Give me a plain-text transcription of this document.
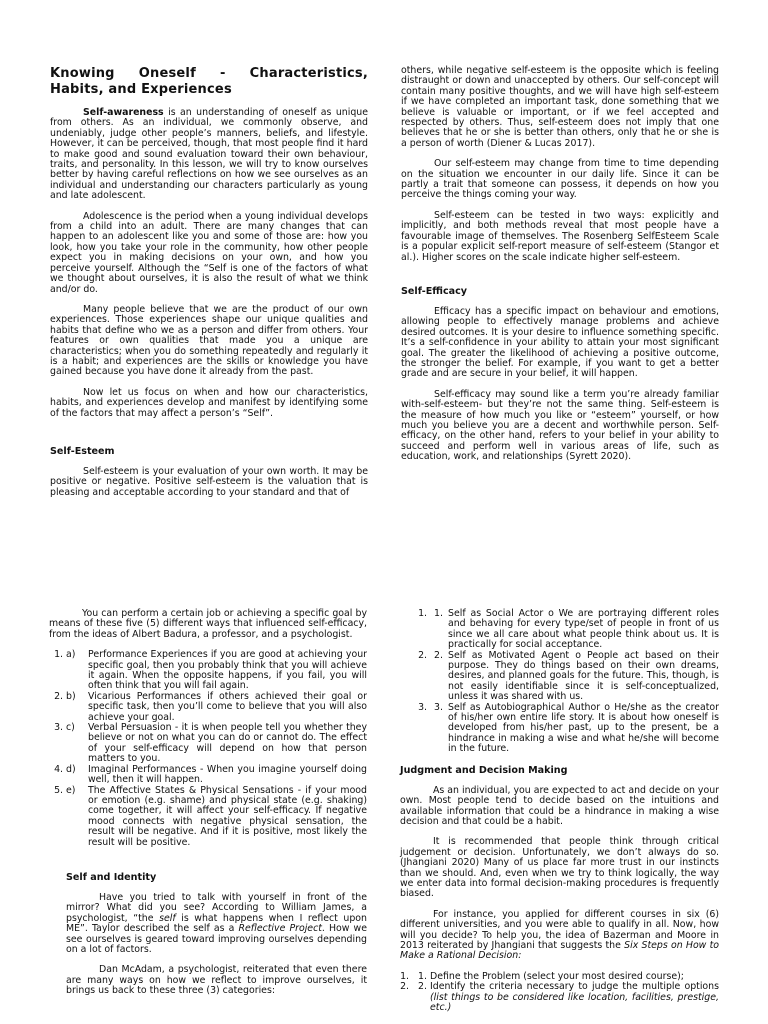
Knowing Oneself - Characteristics, Habits, and Experiences

Self-awareness is an understanding of oneself as unique from others. As an individual, we commonly observe, and undeniably, judge other people’s manners, beliefs, and lifestyle. However, it can be perceived, though, that most people find it hard to make good and sound evaluation toward their own behaviour, traits, and personality. In this lesson, we will try to know ourselves better by having careful reflections on how we see ourselves as an individual and understanding our characters particularly as young and late adolescent.

Adolescence is the period when a young individual develops from a child into an adult. There are many changes that can happen to an adolescent like you and some of those are: how you look, how you take your role in the community, how other people expect you in making decisions on your own, and how you perceive yourself. Although the “Self is one of the factors of what we thought about ourselves, it is also the result of what we think and/or do.

Many people believe that we are the product of our own experiences. Those experiences shape our unique qualities and habits that define who we as a person and differ from others. Your features or own qualities that made you a unique are characteristics; when you do something repeatedly and regularly it is a habit; and experiences are the skills or knowledge you have gained because you have done it already from the past.

Now let us focus on when and how our characteristics, habits, and experiences develop and manifest by identifying some of the factors that may affect a person’s “Self”.

Self-Esteem

Self-esteem is your evaluation of your own worth. It may be positive or negative. Positive self-esteem is the valuation that is pleasing and acceptable according to your standard and that of

others, while negative self-esteem is the opposite which is feeling distraught or down and unaccepted by others. Our self-concept will contain many positive thoughts, and we will have high self-esteem if we have completed an important task, done something that we believe is valuable or important, or if we feel accepted and respected by others. Thus, self-esteem does not imply that one believes that he or she is better than others, only that he or she is a person of worth (Diener & Lucas 2017).

Our self-esteem may change from time to time depending on the situation we encounter in our daily life. Since it can be partly a trait that someone can possess, it depends on how you perceive the things coming your way.

Self-esteem can be tested in two ways: explicitly and implicitly, and both methods reveal that most people have a favourable image of themselves. The Rosenberg SelfEsteem Scale is a popular explicit self-report measure of self-esteem (Stangor et al.). Higher scores on the scale indicate higher self-esteem.

Self-Efficacy

Efficacy has a specific impact on behaviour and emotions, allowing people to effectively manage problems and achieve desired outcomes. It is your desire to influence something specific. It’s a self-confidence in your ability to attain your most significant goal. The greater the likelihood of achieving a positive outcome, the stronger the belief. For example, if you want to get a better grade and are secure in your belief, it will happen.

Self-efficacy may sound like a term you’re already familiar with-self-esteem- but they’re not the same thing. Self-esteem is the measure of how much you like or “esteem” yourself, or how much you believe you are a decent and worthwhile person. Self-efficacy, on the other hand, refers to your belief in your ability to succeed and perform well in various areas of life, such as education, work, and relationships (Syrett 2020).

You can perform a certain job or achieving a specific goal by means of these five (5) different ways that influenced self-efficacy, from the ideas of Albert Badura, a professor, and a psychologist.

1. a) Performance Experiences if you are good at achieving your specific goal, then you probably think that you will achieve it again. When the opposite happens, if you fail, you will often think that you will fail again.
2. b) Vicarious Performances if others achieved their goal or specific task, then you’ll come to believe that you will also achieve your goal.
3. c) Verbal Persuasion - it is when people tell you whether they believe or not on what you can do or cannot do. The effect of your self-efficacy will depend on how that person matters to you.
4. d) Imaginal Performances - When you imagine yourself doing well, then it will happen.
5. e) The Affective States & Physical Sensations - if your mood or emotion (e.g. shame) and physical state (e.g. shaking) come together, it will affect your self-efficacy. If negative mood connects with negative physical sensation, the result will be negative. And if it is positive, most likely the result will be positive.
Self and Identity

Have you tried to talk with yourself in front of the mirror? What did you see? According to William James, a psychologist, “the self is what happens when I reflect upon ME”. Taylor described the self as a Reflective Project. How we see ourselves is geared toward improving ourselves depending on a lot of factors.

Dan McAdam, a psychologist, reiterated that even there are many ways on how we reflect to improve ourselves, it brings us back to these three (3) categories:

1. 1. Self as Social Actor o We are portraying different roles and behaving for every type/set of people in front of us since we all care about what people think about us. It is practically for social acceptance.
2. 2. Self as Motivated Agent o People act based on their purpose. They do things based on their own dreams, desires, and planned goals for the future. This, though, is not easily identifiable since it is self-conceptualized, unless it was shared with us.
3. 3. Self as Autobiographical Author o He/she as the creator of his/her own entire life story. It is about how oneself is developed from his/her past, up to the present, be a hindrance in making a wise and what he/she will become in the future.
Judgment and Decision Making

As an individual, you are expected to act and decide on your own. Most people tend to decide based on the intuitions and available information that could be a hindrance in making a wise decision and that could be a habit.

It is recommended that people think through critical judgement or decision. Unfortunately, we don’t always do so. (Jhangiani 2020) Many of us place far more trust in our instincts than we should. And, even when we try to think logically, the way we enter data into formal decision-making procedures is frequently biased.

For instance, you applied for different courses in six (6) different universities, and you were able to qualify in all. Now, how will you decide? To help you, the idea of Bazerman and Moore in 2013 reiterated by Jhangiani that suggests the Six Steps on How to Make a Rational Decision:

1. 1. Define the Problem (select your most desired course);
2. 2. Identify the criteria necessary to judge the multiple options (list things to be considered like location, facilities, prestige, etc.)
